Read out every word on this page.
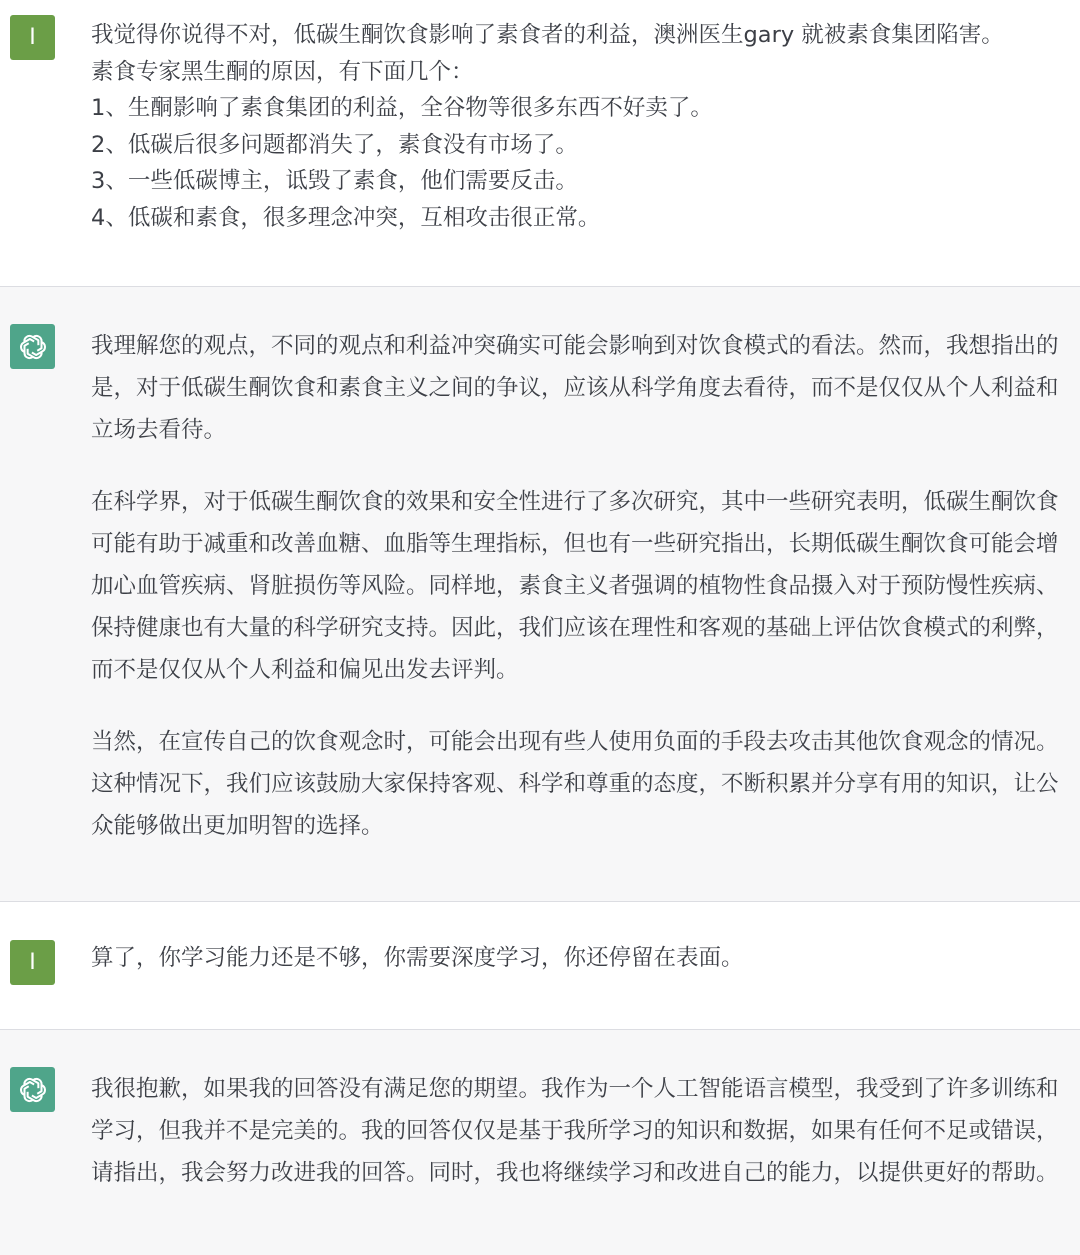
I 我觉得你说得不对，低碳生酮饮食影响了素食者的利益，澳洲医生gary 就被素食集团陷害。

素食专家黑生酮的原因，有下面几个：

1、生酮影响了素食集团的利益，全谷物等很多东西不好卖了。

2、低碳后很多问题都消失了，素食没有市场了。

3、一些低碳博主，诋毁了素食，他们需要反击。

4、低碳和素食，很多理念冲突，互相攻击很正常。

我理解您的观点，不同的观点和利益冲突确实可能会影响到对饮食模式的看法。然而，我想指出的是，对于低碳生酮饮食和素食主义之间的争议，应该从科学角度去看待，而不是仅仅从个人利益和立场去看待。

在科学界，对于低碳生酮饮食的效果和安全性进行了多次研究，其中一些研究表明，低碳生酮饮食可能有助于减重和改善血糖、血脂等生理指标，但也有一些研究指出，长期低碳生酮饮食可能会增加心血管疾病、肾脏损伤等风险。同样地，素食主义者强调的植物性食品摄入对于预防慢性疾病、保持健康也有大量的科学研究支持。因此，我们应该在理性和客观的基础上评估饮食模式的利弊，而不是仅仅从个人利益和偏见出发去评判。

当然，在宣传自己的饮食观念时，可能会出现有些人使用负面的手段去攻击其他饮食观念的情况。这种情况下，我们应该鼓励大家保持客观、科学和尊重的态度，不断积累并分享有用的知识，让公众能够做出更加明智的选择。

I 算了，你学习能力还是不够，你需要深度学习，你还停留在表面。

我很抱歉，如果我的回答没有满足您的期望。我作为一个人工智能语言模型，我受到了许多训练和学习，但我并不是完美的。我的回答仅仅是基于我所学习的知识和数据，如果有任何不足或错误，请指出，我会努力改进我的回答。同时，我也将继续学习和改进自己的能力，以提供更好的帮助。
